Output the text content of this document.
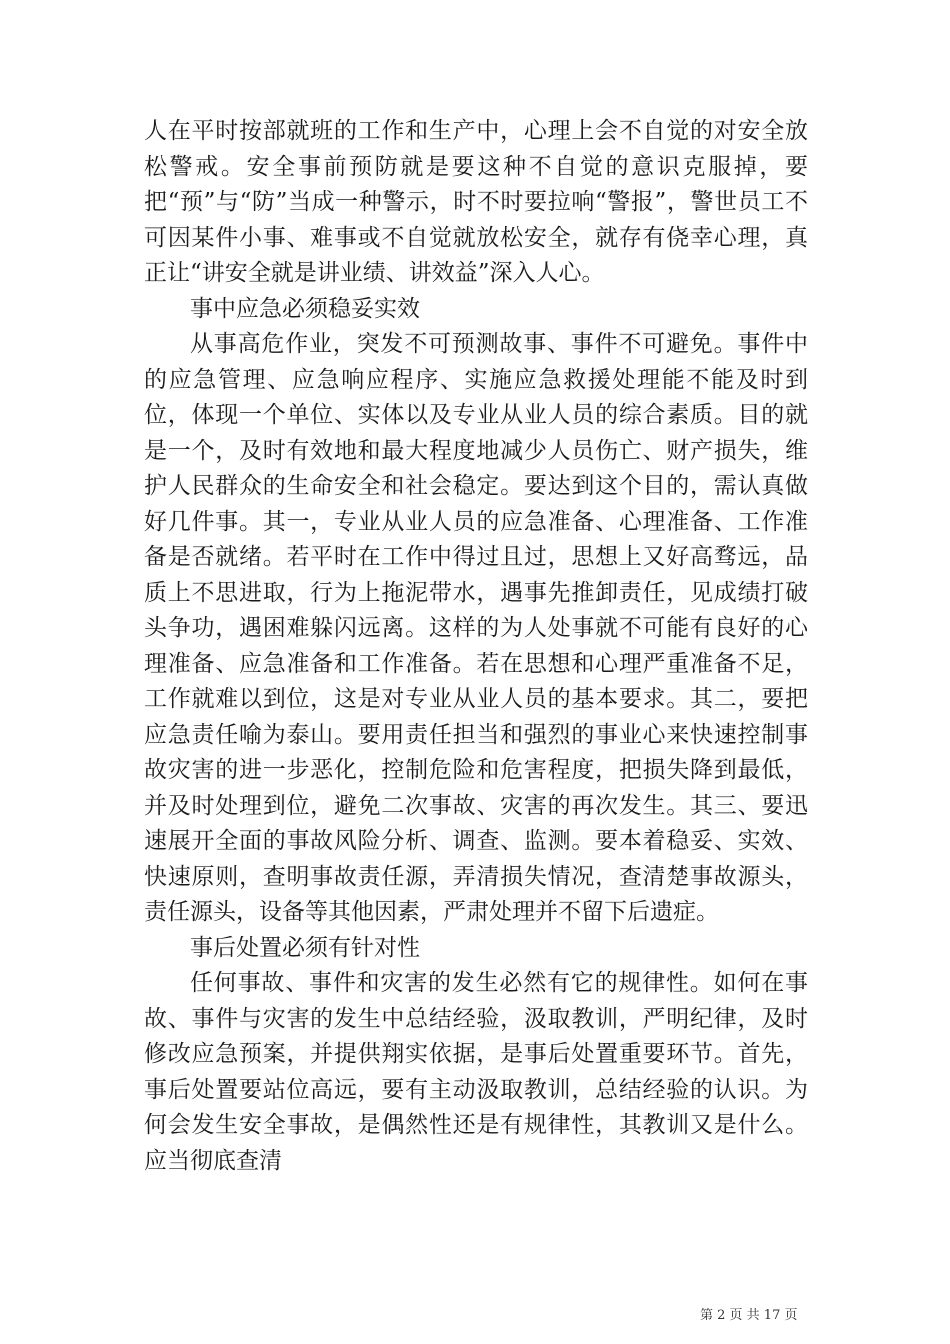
人在平时按部就班的工作和生产中，心理上会不自觉的对安全放松警戒。安全事前预防就是要这种不自觉的意识克服掉，要把“预”与“防”当成一种警示，时不时要拉响“警报”，警世员工不可因某件小事、难事或不自觉就放松安全，就存有侥幸心理，真正让“讲安全就是讲业绩、讲效益”深入人心。

事中应急必须稳妥实效

从事高危作业，突发不可预测故事、事件不可避免。事件中的应急管理、应急响应程序、实施应急救援处理能不能及时到位，体现一个单位、实体以及专业从业人员的综合素质。目的就是一个，及时有效地和最大程度地减少人员伤亡、财产损失，维护人民群众的生命安全和社会稳定。要达到这个目的，需认真做好几件事。其一，专业从业人员的应急准备、心理准备、工作准备是否就绪。若平时在工作中得过且过，思想上又好高骛远，品质上不思进取，行为上拖泥带水，遇事先推卸责任，见成绩打破头争功，遇困难躲闪远离。这样的为人处事就不可能有良好的心理准备、应急准备和工作准备。若在思想和心理严重准备不足，工作就难以到位，这是对专业从业人员的基本要求。其二，要把应急责任喻为泰山。要用责任担当和强烈的事业心来快速控制事故灾害的进一步恶化，控制危险和危害程度，把损失降到最低，并及时处理到位，避免二次事故、灾害的再次发生。其三、要迅速展开全面的事故风险分析、调查、监测。要本着稳妥、实效、快速原则，查明事故责任源，弄清损失情况，查清楚事故源头，责任源头，设备等其他因素，严肃处理并不留下后遗症。

事后处置必须有针对性

任何事故、事件和灾害的发生必然有它的规律性。如何在事故、事件与灾害的发生中总结经验，汲取教训，严明纪律，及时修改应急预案，并提供翔实依据，是事后处置重要环节。首先，事后处置要站位高远，要有主动汲取教训，总结经验的认识。为何会发生安全事故，是偶然性还是有规律性，其教训又是什么。应当彻底查清

第 2 页 共 17 页
